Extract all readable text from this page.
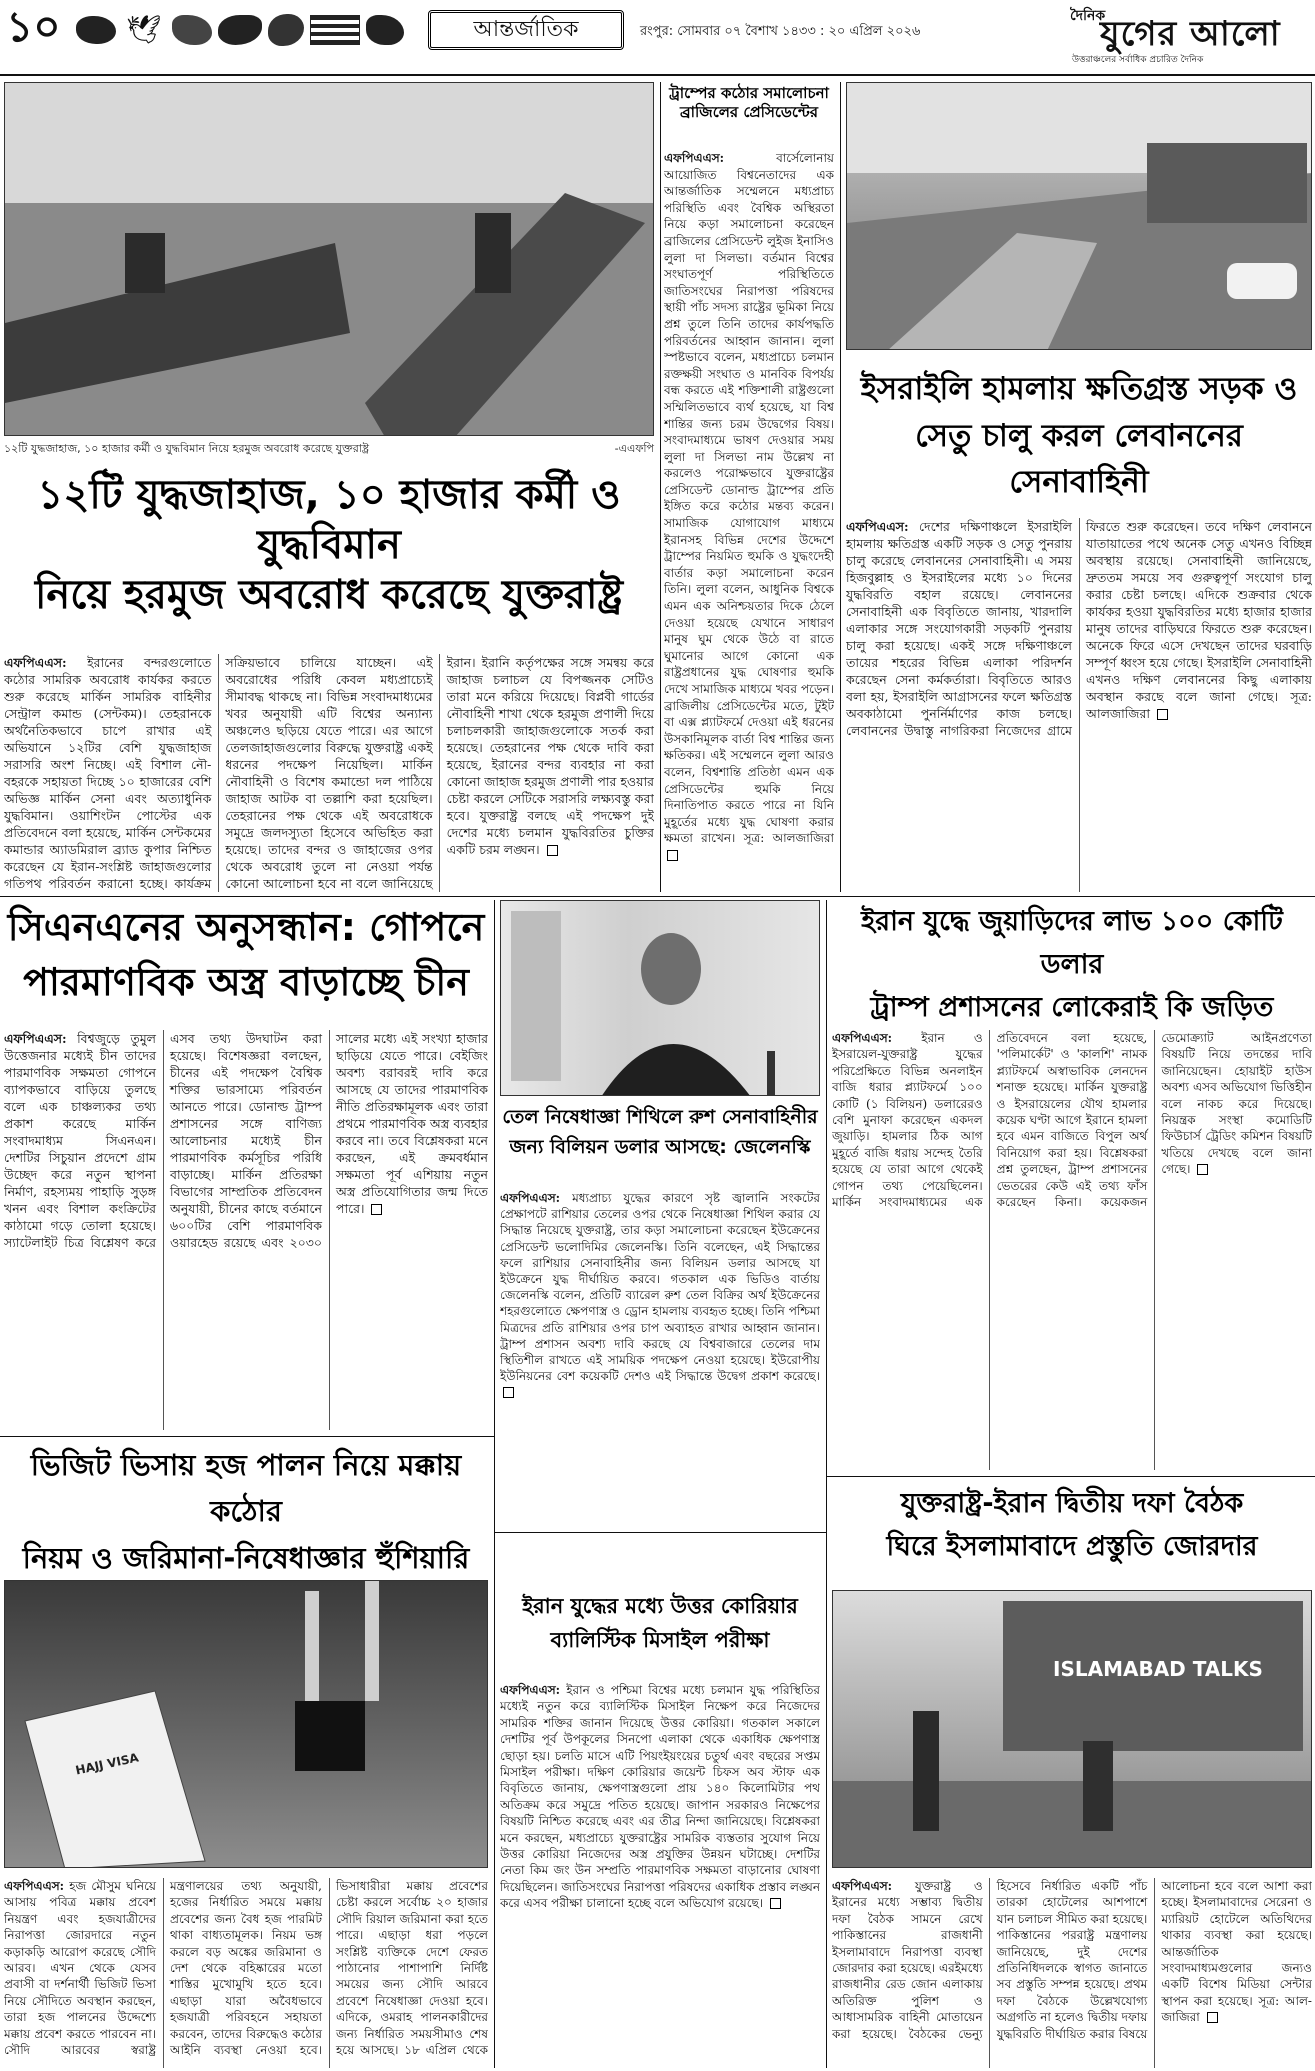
১০	🕊	আন্তর্জাতিক	রংপুর: সোমবার ০৭ বৈশাখ ১৪৩৩ : ২০ এপ্রিল ২০২৬
দৈনিক
যুগের আলো
উত্তরাঞ্চলের সর্বাধিক প্রচারিত দৈনিক
১২টি যুদ্ধজাহাজ, ১০ হাজার কর্মী ও যুদ্ধবিমান নিয়ে হরমুজ অবরোধ করেছে যুক্তরাষ্ট্র	-এএফপি
১২টি যুদ্ধজাহাজ, ১০ হাজার কর্মী ও যুদ্ধবিমান
নিয়ে হরমুজ অবরোধ করেছে যুক্তরাষ্ট্র
এফপিএএস: ইরানের বন্দরগুলোতে কঠোর সামরিক অবরোধ কার্যকর করতে শুরু করেছে মার্কিন সামরিক বাহিনীর সেন্ট্রাল কমান্ড (সেন্টকম)। তেহরানকে অর্থনৈতিকভাবে চাপে রাখার এই অভিযানে ১২টির বেশি যুদ্ধজাহাজ সরাসরি অংশ নিচ্ছে। এই বিশাল নৌ-বহরকে সহায়তা দিচ্ছে ১০ হাজারের বেশি অভিজ্ঞ মার্কিন সেনা এবং অত্যাধুনিক যুদ্ধবিমান। ওয়াশিংটন পোস্টের এক প্রতিবেদনে বলা হয়েছে, মার্কিন সেন্টকমের কমান্ডার অ্যাডমিরাল ব্র্যাড কুপার নিশ্চিত করেছেন যে ইরান-সংশ্লিষ্ট জাহাজগুলোর গতিপথ পরিবর্তন করানো হচ্ছে। কার্যক্রম সক্রিয়ভাবে চালিয়ে যাচ্ছেন। এই অবরোধের পরিধি কেবল মধ্যপ্রাচ্যেই সীমাবদ্ধ থাকছে না। বিভিন্ন সংবাদমাধ্যমের খবর অনুযায়ী এটি বিশ্বের অন্যান্য অঞ্চলেও ছড়িয়ে যেতে পারে। এর আগে তেলজাহাজগুলোর বিরুদ্ধে যুক্তরাষ্ট্র একই ধরনের পদক্ষেপ নিয়েছিল। মার্কিন নৌবাহিনী ও বিশেষ কমান্ডো দল পাঠিয়ে জাহাজ আটক বা তল্লাশি করা হয়েছিল। তেহরানের পক্ষ থেকে এই অবরোধকে সমুদ্রে জলদস্যুতা হিসেবে অভিহিত করা হয়েছে। তাদের বন্দর ও জাহাজের ওপর থেকে অবরোধ তুলে না নেওয়া পর্যন্ত কোনো আলোচনা হবে না বলে জানিয়েছে ইরান। ইরানি কর্তৃপক্ষের সঙ্গে সমন্বয় করে জাহাজ চলাচল যে বিপজ্জনক সেটিও তারা মনে করিয়ে দিয়েছে। বিপ্লবী গার্ডের নৌবাহিনী শাখা থেকে হরমুজ প্রণালী দিয়ে চলাচলকারী জাহাজগুলোকে সতর্ক করা হয়েছে। তেহরানের পক্ষ থেকে দাবি করা হয়েছে, ইরানের বন্দর ব্যবহার না করা কোনো জাহাজ হরমুজ প্রণালী পার হওয়ার চেষ্টা করলে সেটিকে সরাসরি লক্ষ্যবস্তু করা হবে। যুক্তরাষ্ট্র বলছে এই পদক্ষেপ দুই দেশের মধ্যে চলমান যুদ্ধবিরতির চুক্তির একটি চরম লঙ্ঘন।
ট্রাম্পের কঠোর সমালোচনা
ব্রাজিলের প্রেসিডেন্টের
এফপিএএস:	বার্সেলোনায় আয়োজিত বিশ্বনেতাদের এক আন্তর্জাতিক সম্মেলনে মধ্যপ্রাচ্য পরিস্থিতি এবং বৈশ্বিক অস্থিরতা নিয়ে কড়া সমালোচনা করেছেন ব্রাজিলের প্রেসিডেন্ট লুইজ ইনাসিও লুলা দা সিলভা। বর্তমান বিশ্বের সংঘাতপূর্ণ পরিস্থিতিতে জাতিসংঘের নিরাপত্তা পরিষদের স্থায়ী পাঁচ সদস্য রাষ্ট্রের ভূমিকা নিয়ে প্রশ্ন তুলে তিনি তাদের কার্যপদ্ধতি পরিবর্তনের আহ্বান জানান। লুলা স্পষ্টভাবে বলেন, মধ্যপ্রাচ্যে চলমান রক্তক্ষয়ী সংঘাত ও মানবিক বিপর্যয় বন্ধ করতে এই শক্তিশালী রাষ্ট্রগুলো সম্মিলিতভাবে ব্যর্থ হয়েছে, যা বিশ্ব শান্তির জন্য চরম উদ্বেগের বিষয়। সংবাদমাধ্যমে ভাষণ দেওয়ার সময় লুলা দা সিলভা নাম উল্লেখ না করলেও পরোক্ষভাবে যুক্তরাষ্ট্রের প্রেসিডেন্ট ডোনাল্ড ট্রাম্পের প্রতি ইঙ্গিত করে কঠোর মন্তব্য করেন। সামাজিক যোগাযোগ মাধ্যমে ইরানসহ বিভিন্ন দেশের উদ্দেশে ট্রাম্পের নিয়মিত হুমকি ও যুদ্ধংদেহী বার্তার কড়া সমালোচনা করেন তিনি। লুলা বলেন, আধুনিক বিশ্বকে এমন এক অনিশ্চয়তার দিকে ঠেলে দেওয়া হয়েছে যেখানে সাধারণ মানুষ ঘুম থেকে উঠে বা রাতে ঘুমানোর আগে কোনো এক রাষ্ট্রপ্রধানের যুদ্ধ ঘোষণার হুমকি দেখে সামাজিক মাধ্যমে খবর পড়েন। ব্রাজিলীয় প্রেসিডেন্টের মতে, টুইট বা এক্স প্ল্যাটফর্মে দেওয়া এই ধরনের উসকানিমূলক বার্তা বিশ্ব শান্তির জন্য ক্ষতিকর। এই সম্মেলনে লুলা আরও বলেন, বিশ্বশান্তি প্রতিষ্ঠা এমন এক প্রেসিডেন্টের হুমকি নিয়ে দিনাতিপাত করতে পারে না যিনি মুহূর্তের মধ্যে যুদ্ধ ঘোষণা করার ক্ষমতা রাখেন। সূত্র: আলজাজিরা
ইসরাইলি হামলায় ক্ষতিগ্রস্ত সড়ক ও
সেতু চালু করল লেবাননের সেনাবাহিনী
এফপিএএস: দেশের দক্ষিণাঞ্চলে ইসরাইলি হামলায় ক্ষতিগ্রস্ত একটি সড়ক ও সেতু পুনরায় চালু করেছে লেবাননের সেনাবাহিনী। এ সময় হিজবুল্লাহ ও ইসরাইলের মধ্যে ১০ দিনের যুদ্ধবিরতি বহাল রয়েছে। লেবাননের সেনাবাহিনী এক বিবৃতিতে জানায়, খারদালি এলাকার সঙ্গে সংযোগকারী সড়কটি পুনরায় চালু করা হয়েছে। একই সঙ্গে দক্ষিণাঞ্চলে তায়ের শহরের বিভিন্ন এলাকা পরিদর্শন করেছেন সেনা কর্মকর্তারা। বিবৃতিতে আরও বলা হয়, ইসরাইলি আগ্রাসনের ফলে ক্ষতিগ্রস্ত অবকাঠামো পুনর্নির্মাণের কাজ চলছে। লেবাননের উদ্বাস্তু নাগরিকরা নিজেদের গ্রামে ফিরতে শুরু করেছেন। তবে দক্ষিণ লেবাননে যাতায়াতের পথে অনেক সেতু এখনও বিচ্ছিন্ন অবস্থায় রয়েছে। সেনাবাহিনী জানিয়েছে, দ্রুততম সময়ে সব গুরুত্বপূর্ণ সংযোগ চালু করার চেষ্টা চলছে। এদিকে শুক্রবার থেকে কার্যকর হওয়া যুদ্ধবিরতির মধ্যে হাজার হাজার মানুষ তাদের বাড়িঘরে ফিরতে শুরু করেছেন। অনেকে ফিরে এসে দেখছেন তাদের ঘরবাড়ি সম্পূর্ণ ধ্বংস হয়ে গেছে। ইসরাইলি সেনাবাহিনী এখনও দক্ষিণ লেবাননের কিছু এলাকায় অবস্থান করছে বলে জানা গেছে। সূত্র: আলজাজিরা
সিএনএনের অনুসন্ধান: গোপনে
পারমাণবিক অস্ত্র বাড়াচ্ছে চীন
এফপিএএস: বিশ্বজুড়ে তুমুল উত্তেজনার মধ্যেই চীন তাদের পারমাণবিক সক্ষমতা গোপনে ব্যাপকভাবে বাড়িয়ে তুলছে বলে এক চাঞ্চল্যকর তথ্য প্রকাশ করেছে মার্কিন সংবাদমাধ্যম সিএনএন। দেশটির সিচুয়ান প্রদেশে গ্রাম উচ্ছেদ করে নতুন স্থাপনা নির্মাণ, রহস্যময় পাহাড়ি সুড়ঙ্গ খনন এবং বিশাল কংক্রিটের কাঠামো গড়ে তোলা হয়েছে। স্যাটেলাইট চিত্র বিশ্লেষণ করে এসব তথ্য উদঘাটন করা হয়েছে। বিশেষজ্ঞরা বলছেন, চীনের এই পদক্ষেপ বৈশ্বিক শক্তির ভারসাম্যে পরিবর্তন আনতে পারে। ডোনাল্ড ট্রাম্প প্রশাসনের সঙ্গে বাণিজ্য আলোচনার মধ্যেই চীন পারমাণবিক কর্মসূচির পরিধি বাড়াচ্ছে। মার্কিন প্রতিরক্ষা বিভাগের সাম্প্রতিক প্রতিবেদন অনুযায়ী, চীনের কাছে বর্তমানে ৬০০টির বেশি পারমাণবিক ওয়ারহেড রয়েছে এবং ২০৩০ সালের মধ্যে এই সংখ্যা হাজার ছাড়িয়ে যেতে পারে। বেইজিং অবশ্য বরাবরই দাবি করে আসছে যে তাদের পারমাণবিক নীতি প্রতিরক্ষামূলক এবং তারা প্রথমে পারমাণবিক অস্ত্র ব্যবহার করবে না। তবে বিশ্লেষকরা মনে করছেন, এই ক্রমবর্ধমান সক্ষমতা পূর্ব এশিয়ায় নতুন অস্ত্র প্রতিযোগিতার জন্ম দিতে পারে।
তেল নিষেধাজ্ঞা শিথিলে রুশ সেনাবাহিনীর
জন্য বিলিয়ন ডলার আসছে: জেলেনস্কি
এফপিএএস: মধ্যপ্রাচ্য যুদ্ধের কারণে সৃষ্ট জ্বালানি সংকটের প্রেক্ষাপটে রাশিয়ার তেলের ওপর থেকে নিষেধাজ্ঞা শিথিল করার যে সিদ্ধান্ত নিয়েছে যুক্তরাষ্ট্র, তার কড়া সমালোচনা করেছেন ইউক্রেনের প্রেসিডেন্ট ভলোদিমির জেলেনস্কি। তিনি বলেছেন, এই সিদ্ধান্তের ফলে রাশিয়ার সেনাবাহিনীর জন্য বিলিয়ন ডলার আসছে যা ইউক্রেনে যুদ্ধ দীর্ঘায়িত করবে। গতকাল এক ভিডিও বার্তায় জেলেনস্কি বলেন, প্রতিটি ব্যারেল রুশ তেল বিক্রির অর্থ ইউক্রেনের শহরগুলোতে ক্ষেপণাস্ত্র ও ড্রোন হামলায় ব্যবহৃত হচ্ছে। তিনি পশ্চিমা মিত্রদের প্রতি রাশিয়ার ওপর চাপ অব্যাহত রাখার আহ্বান জানান। ট্রাম্প প্রশাসন অবশ্য দাবি করছে যে বিশ্ববাজারে তেলের দাম স্থিতিশীল রাখতে এই সাময়িক পদক্ষেপ নেওয়া হয়েছে। ইউরোপীয় ইউনিয়নের বেশ কয়েকটি দেশও এই সিদ্ধান্তে উদ্বেগ প্রকাশ করেছে।
ইরান যুদ্ধে জুয়াড়িদের লাভ ১০০ কোটি ডলার
ট্রাম্প প্রশাসনের লোকেরাই কি জড়িত
এফপিএএস: ইরান ও ইসরায়েল-যুক্তরাষ্ট্র যুদ্ধের পরিপ্রেক্ষিতে বিভিন্ন অনলাইন বাজি ধরার প্ল্যাটফর্মে ১০০ কোটি (১ বিলিয়ন) ডলারেরও বেশি মুনাফা করেছেন একদল জুয়াড়ি। হামলার ঠিক আগ মুহূর্তে বাজি ধরায় সন্দেহ তৈরি হয়েছে যে তারা আগে থেকেই গোপন তথ্য পেয়েছিলেন। মার্কিন সংবাদমাধ্যমের এক প্রতিবেদনে বলা হয়েছে, 'পলিমার্কেট' ও 'কালশি' নামক প্ল্যাটফর্মে অস্বাভাবিক লেনদেন শনাক্ত হয়েছে। মার্কিন যুক্তরাষ্ট্র ও ইসরায়েলের যৌথ হামলার কয়েক ঘণ্টা আগে ইরানে হামলা হবে এমন বাজিতে বিপুল অর্থ বিনিয়োগ করা হয়। বিশ্লেষকরা প্রশ্ন তুলছেন, ট্রাম্প প্রশাসনের ভেতরের কেউ এই তথ্য ফাঁস করেছেন কিনা। কয়েকজন ডেমোক্র্যাট আইনপ্রণেতা বিষয়টি নিয়ে তদন্তের দাবি জানিয়েছেন। হোয়াইট হাউস অবশ্য এসব অভিযোগ ভিত্তিহীন বলে নাকচ করে দিয়েছে। নিয়ন্ত্রক সংস্থা কমোডিটি ফিউচার্স ট্রেডিং কমিশন বিষয়টি খতিয়ে দেখছে বলে জানা গেছে।
ভিজিট ভিসায় হজ পালন নিয়ে মক্কায় কঠোর
নিয়ম ও জরিমানা-নিষেধাজ্ঞার হুঁশিয়ারি
HAJJ VISA
এফপিএএস: হজ মৌসুম ঘনিয়ে আসায় পবিত্র মক্কায় প্রবেশ নিয়ন্ত্রণ এবং হজযাত্রীদের নিরাপত্তা জোরদারে নতুন কড়াকড়ি আরোপ করেছে সৌদি আরব। এখন থেকে যেসব প্রবাসী বা দর্শনার্থী ভিজিট ভিসা নিয়ে সৌদিতে অবস্থান করছেন, তারা হজ পালনের উদ্দেশ্যে মক্কায় প্রবেশ করতে পারবেন না। সৌদি আরবের স্বরাষ্ট্র মন্ত্রণালয়ের তথ্য অনুযায়ী, হজের নির্ধারিত সময়ে মক্কায় প্রবেশের জন্য বৈধ হজ পারমিট থাকা বাধ্যতামূলক। নিয়ম ভঙ্গ করলে বড় অঙ্কের জরিমানা ও দেশ থেকে বহিষ্কারের মতো শাস্তির মুখোমুখি হতে হবে। এছাড়া যারা অবৈধভাবে হজযাত্রী পরিবহনে সহায়তা করবেন, তাদের বিরুদ্ধেও কঠোর আইনি ব্যবস্থা নেওয়া হবে। ভিসাধারীরা মক্কায় প্রবেশের চেষ্টা করলে সর্বোচ্চ ২০ হাজার সৌদি রিয়াল জরিমানা করা হতে পারে। এছাড়া ধরা পড়লে সংশ্লিষ্ট ব্যক্তিকে দেশে ফেরত পাঠানোর পাশাপাশি নির্দিষ্ট সময়ের জন্য সৌদি আরবে প্রবেশে নিষেধাজ্ঞা দেওয়া হবে। এদিকে, ওমরাহ পালনকারীদের জন্য নির্ধারিত সময়সীমাও শেষ হয়ে আসছে। ১৮ এপ্রিল থেকে
ইরান যুদ্ধের মধ্যে উত্তর কোরিয়ার
ব্যালিস্টিক মিসাইল পরীক্ষা
এফপিএএস: ইরান ও পশ্চিমা বিশ্বের মধ্যে চলমান যুদ্ধ পরিস্থিতির মধ্যেই নতুন করে ব্যালিস্টিক মিসাইল নিক্ষেপ করে নিজেদের সামরিক শক্তির জানান দিয়েছে উত্তর কোরিয়া। গতকাল সকালে দেশটির পূর্ব উপকূলের সিনপো এলাকা থেকে একাধিক ক্ষেপণাস্ত্র ছোড়া হয়। চলতি মাসে এটি পিয়ংইয়ংয়ের চতুর্থ এবং বছরের সপ্তম মিসাইল পরীক্ষা। দক্ষিণ কোরিয়ার জয়েন্ট চিফস অব স্টাফ এক বিবৃতিতে জানায়, ক্ষেপণাস্ত্রগুলো প্রায় ১৪০ কিলোমিটার পথ অতিক্রম করে সমুদ্রে পতিত হয়েছে। জাপান সরকারও নিক্ষেপের বিষয়টি নিশ্চিত করেছে এবং এর তীব্র নিন্দা জানিয়েছে। বিশ্লেষকরা মনে করছেন, মধ্যপ্রাচ্যে যুক্তরাষ্ট্রের সামরিক ব্যস্ততার সুযোগ নিয়ে উত্তর কোরিয়া নিজেদের অস্ত্র প্রযুক্তির উন্নয়ন ঘটাচ্ছে। দেশটির নেতা কিম জং উন সম্প্রতি পারমাণবিক সক্ষমতা বাড়ানোর ঘোষণা দিয়েছিলেন। জাতিসংঘের নিরাপত্তা পরিষদের একাধিক প্রস্তাব লঙ্ঘন করে এসব পরীক্ষা চালানো হচ্ছে বলে অভিযোগ রয়েছে।
যুক্তরাষ্ট্র-ইরান দ্বিতীয় দফা বৈঠক
ঘিরে ইসলামাবাদে প্রস্তুতি জোরদার
ISLAMABAD TALKS
এফপিএএস: যুক্তরাষ্ট্র ও ইরানের মধ্যে সম্ভাব্য দ্বিতীয় দফা বৈঠক সামনে রেখে পাকিস্তানের রাজধানী ইসলামাবাদে নিরাপত্তা ব্যবস্থা জোরদার করা হয়েছে। এরইমধ্যে রাজধানীর রেড জোন এলাকায় অতিরিক্ত পুলিশ ও আধাসামরিক বাহিনী মোতায়েন করা হয়েছে। বৈঠকের ভেন্যু হিসেবে নির্ধারিত একটি পাঁচ তারকা হোটেলের আশপাশে যান চলাচল সীমিত করা হয়েছে। পাকিস্তানের পররাষ্ট্র মন্ত্রণালয় জানিয়েছে, দুই দেশের প্রতিনিধিদলকে স্বাগত জানাতে সব প্রস্তুতি সম্পন্ন হয়েছে। প্রথম দফা বৈঠকে উল্লেখযোগ্য অগ্রগতি না হলেও দ্বিতীয় দফায় যুদ্ধবিরতি দীর্ঘায়িত করার বিষয়ে আলোচনা হবে বলে আশা করা হচ্ছে। ইসলামাবাদের সেরেনা ও ম্যারিয়ট হোটেলে অতিথিদের থাকার ব্যবস্থা করা হয়েছে। আন্তর্জাতিক সংবাদমাধ্যমগুলোর জন্যও একটি বিশেষ মিডিয়া সেন্টার স্থাপন করা হয়েছে। সূত্র: আল-জাজিরা
